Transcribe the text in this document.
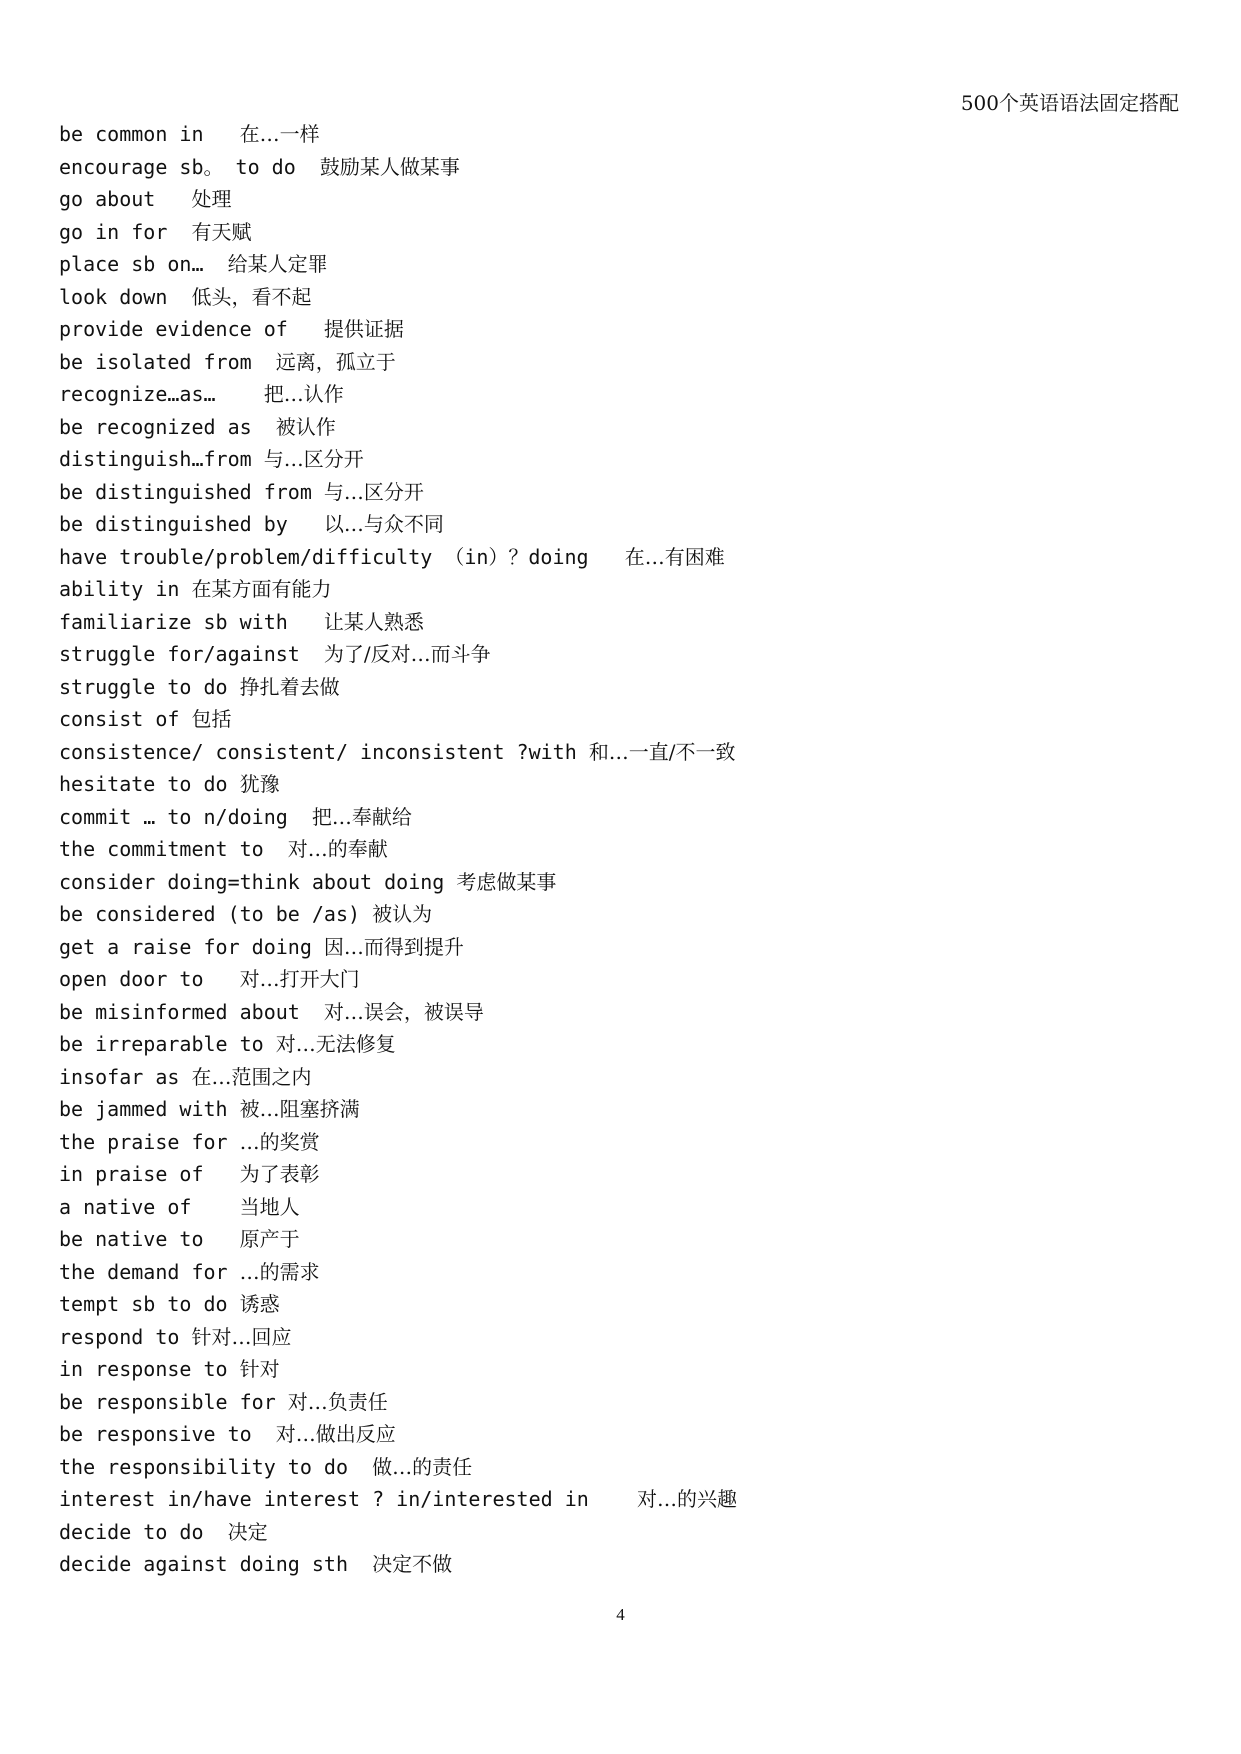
500个英语语法固定搭配
be common in   在…一样
encourage sb。 to do  鼓励某人做某事
go about   处理
go in for  有天赋
place sb on…  给某人定罪
look down  低头，看不起
provide evidence of   提供证据
be isolated from  远离，孤立于
recognize…as…    把…认作
be recognized as  被认作
distinguish…from 与…区分开
be distinguished from 与…区分开
be distinguished by   以…与众不同
have trouble/problem/difficulty （in）？doing   在…有困难
ability in 在某方面有能力
familiarize sb with   让某人熟悉
struggle for/against  为了/反对…而斗争
struggle to do 挣扎着去做
consist of 包括
consistence/ consistent/ inconsistent ?with 和…一直/不一致
hesitate to do 犹豫
commit … to n/doing  把…奉献给
the commitment to  对…的奉献
consider doing=think about doing 考虑做某事
be considered (to be /as) 被认为
get a raise for doing 因…而得到提升
open door to   对…打开大门
be misinformed about  对…误会，被误导
be irreparable to 对…无法修复
insofar as 在…范围之内
be jammed with 被…阻塞挤满
the praise for …的奖赏
in praise of   为了表彰
a native of    当地人
be native to   原产于
the demand for …的需求
tempt sb to do 诱惑
respond to 针对…回应
in response to 针对
be responsible for 对…负责任
be responsive to  对…做出反应
the responsibility to do  做…的责任
interest in/have interest ? in/interested in    对…的兴趣
decide to do  决定
decide against doing sth  决定不做
4
